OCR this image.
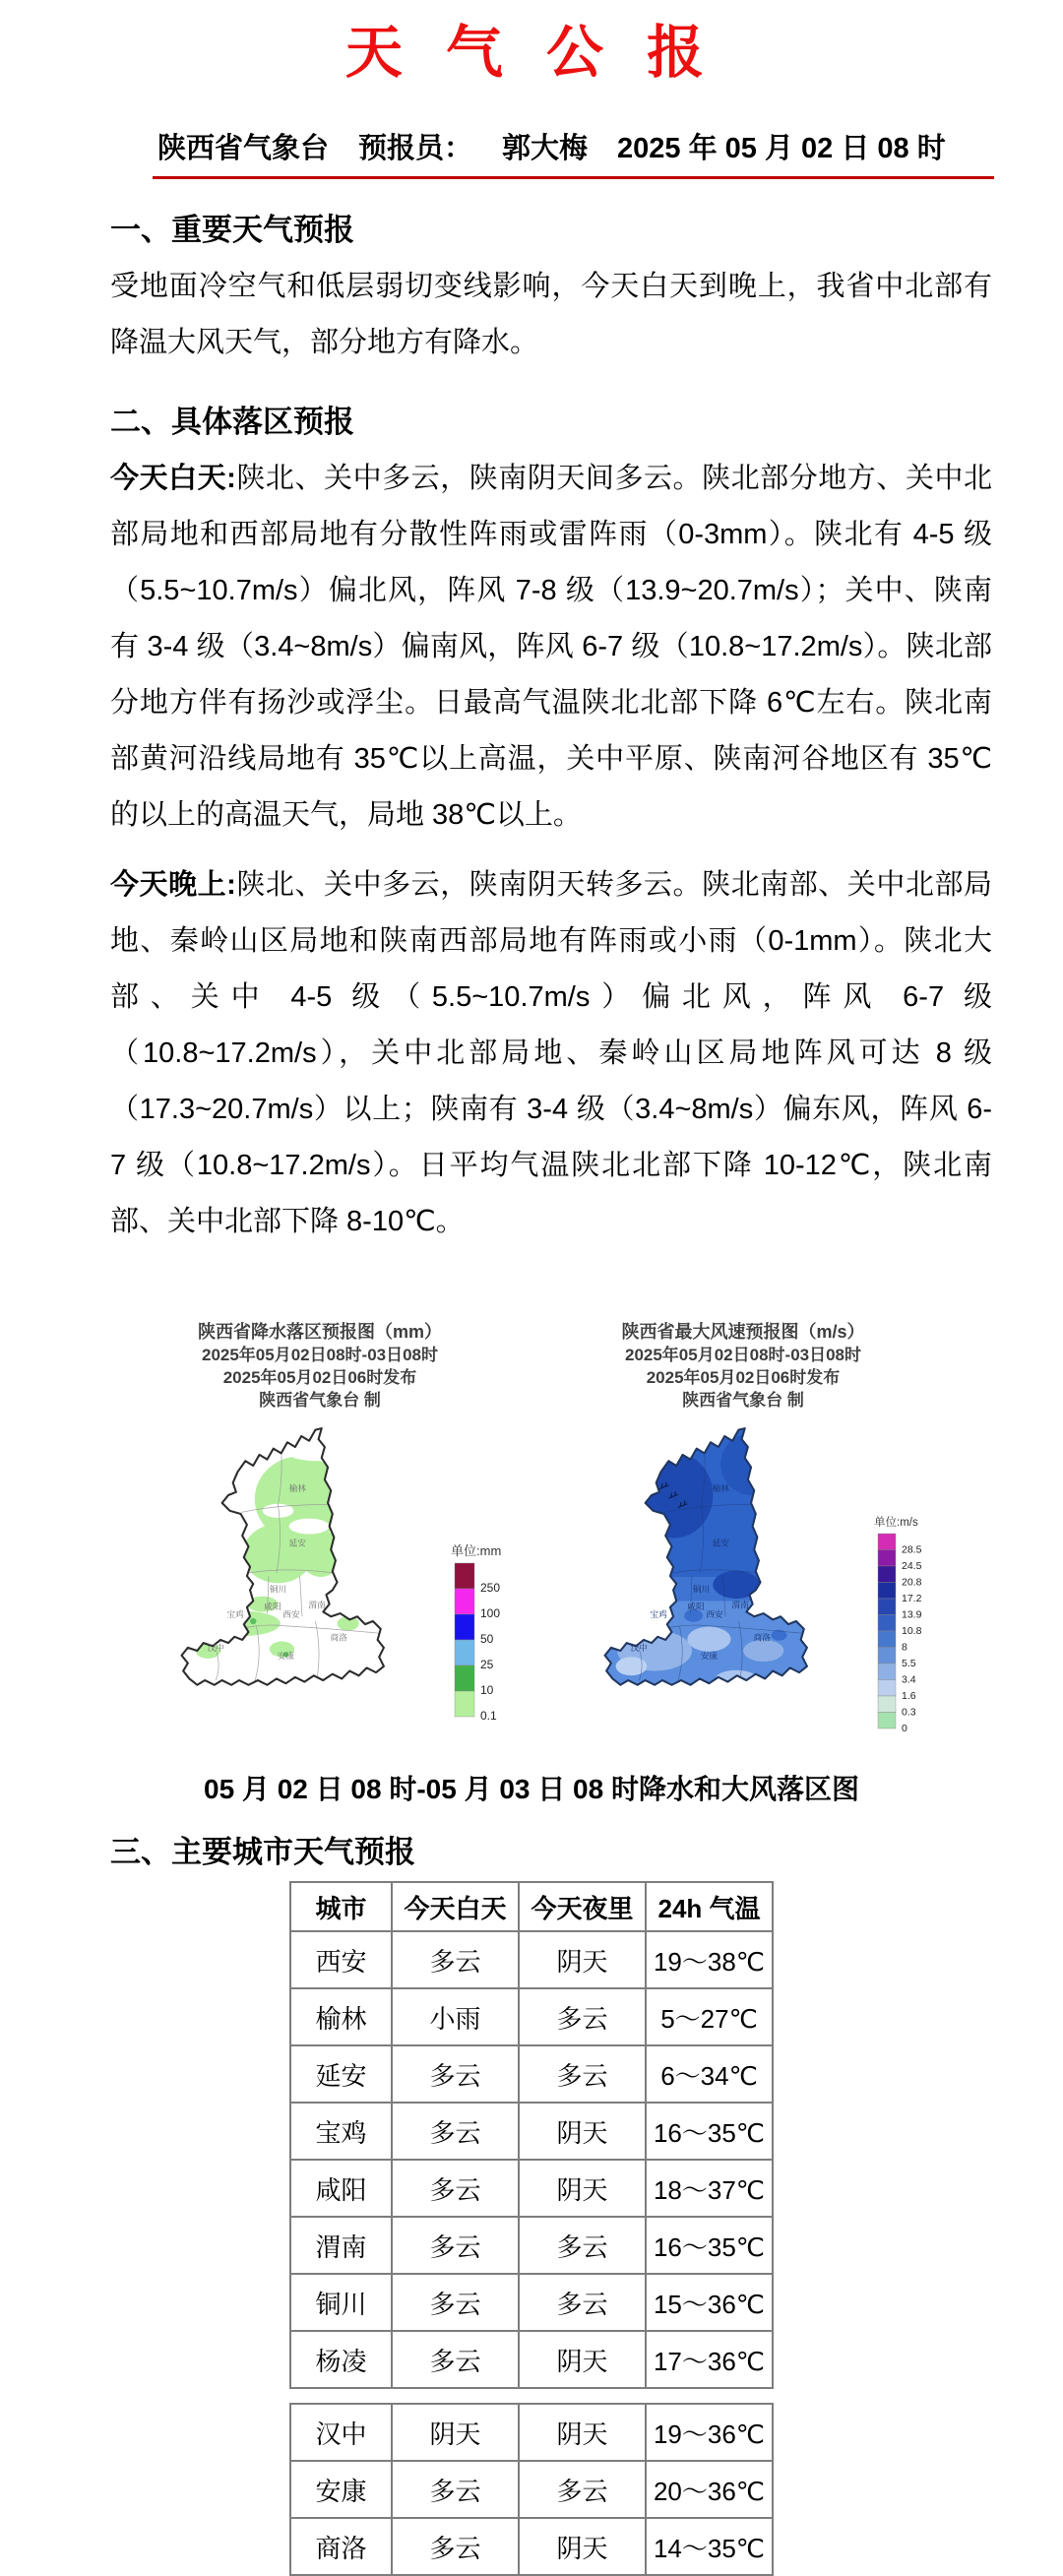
天 气 公 报
陕西省气象台 预报员： 郭大梅 2025 年 05 月 02 日 08 时
一、重要天气预报

受地面冷空气和低层弱切变线影响，今天白天到晚上，我省中北部有降温大风天气，部分地方有降水。

二、具体落区预报

今天白天:陕北、关中多云，陕南阴天间多云。陕北部分地方、关中北部局地和西部局地有分散性阵雨或雷阵雨（0-3mm）。陕北有 4-5 级（5.5~10.7m/s）偏北风，阵风 7-8 级（13.9~20.7m/s）；关中、陕南有 3-4 级（3.4~8m/s）偏南风，阵风 6-7 级（10.8~17.2m/s）。陕北部分地方伴有扬沙或浮尘。日最高气温陕北北部下降 6℃左右。陕北南部黄河沿线局地有 35℃以上高温，关中平原、陕南河谷地区有 35℃的以上的高温天气，局地 38℃以上。

今天晚上:陕北、关中多云，陕南阴天转多云。陕北南部、关中北部局地、秦岭山区局地和陕南西部局地有阵雨或小雨（0-1mm）。陕北大部、关中 4-5 级（5.5~10.7m/s）偏北风，阵风 6-7 级（10.8~17.2m/s），关中北部局地、秦岭山区局地阵风可达 8 级（17.3~20.7m/s）以上；陕南有 3-4 级（3.4~8m/s）偏东风，阵风 6-7 级（10.8~17.2m/s）。日平均气温陕北北部下降 10-12℃，陕北南部、关中北部下降 8-10℃。

陕西省降水落区预报图（mm）
2025年05月02日08时-03日08时
2025年05月02日06时发布
陕西省气象台 制
榆林
延安
铜川
渭南
咸阳
西安
宝鸡
汉中
安康
商洛
单位:mm
250
100
50
25
10
0.1
陕西省最大风速预报图（m/s）
2025年05月02日08时-03日08时
2025年05月02日06时发布
陕西省气象台 制
榆林
延安
铜川
渭南
咸阳
西安
宝鸡
汉中
安康
商洛
单位:m/s
28.5
24.5
20.8
17.2
13.9
10.8
8
5.5
3.4
1.6
0.3
0
05 月 02 日 08 时-05 月 03 日 08 时降水和大风落区图
三、主要城市天气预报
城市	今天白天	今天夜里	24h 气温
西安	多云	阴天	19～38℃
榆林	小雨	多云	5～27℃
延安	多云	多云	6～34℃
宝鸡	多云	阴天	16～35℃
咸阳	多云	阴天	18～37℃
渭南	多云	多云	16～35℃
铜川	多云	多云	15～36℃
杨凌	多云	阴天	17～36℃
汉中	阴天	阴天	19～36℃
安康	多云	多云	20～36℃
商洛	多云	阴天	14～35℃
